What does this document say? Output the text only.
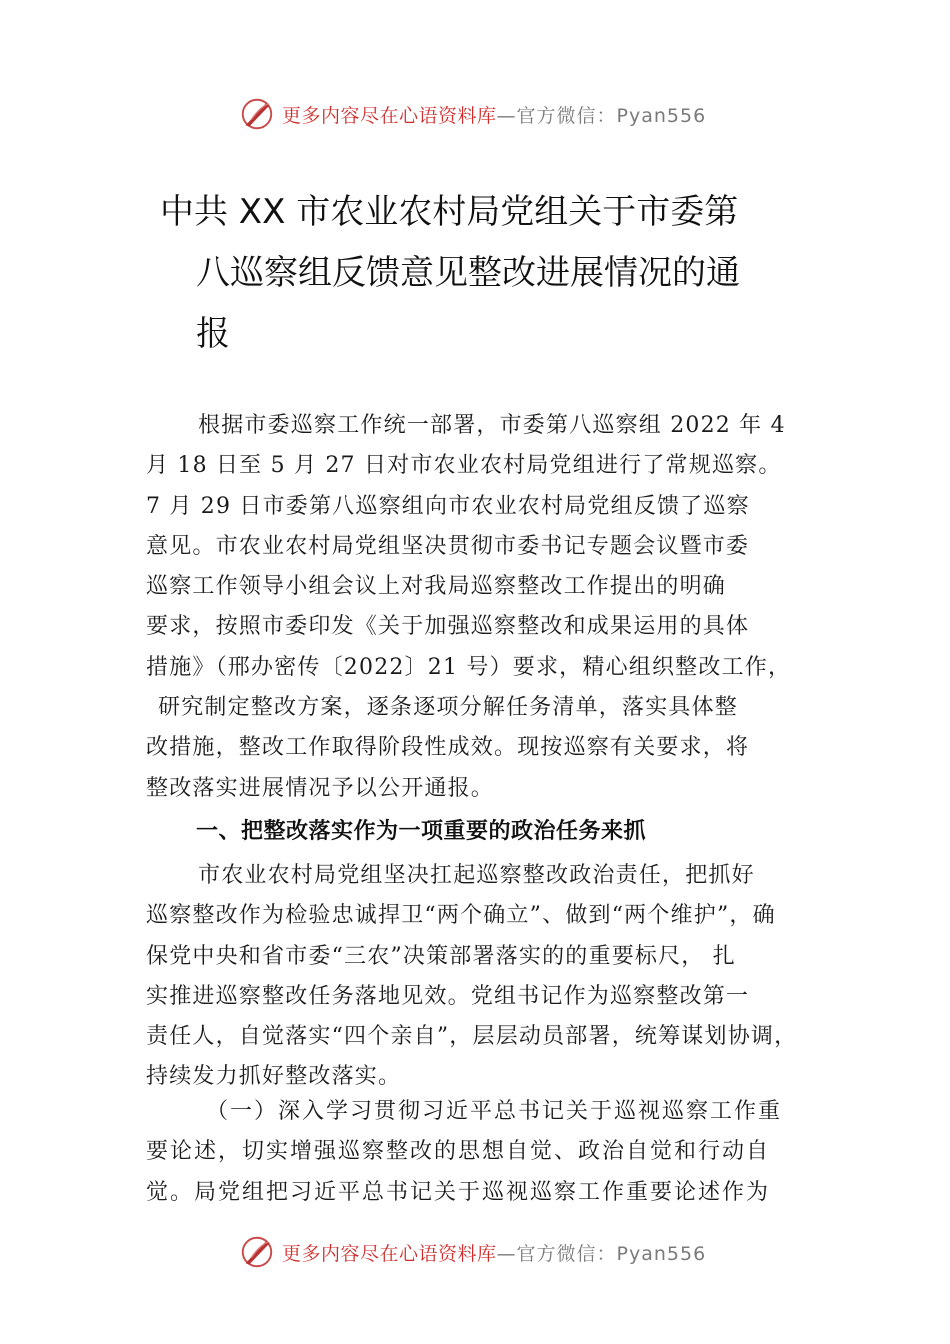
更多内容尽在心语资料库 —官方微信：Pyan556
中共 XX 市农业农村局党组关于市委第
八巡察组反馈意见整改进展情况的通
报
根据市委巡察工作统一部署，市委第八巡察组 2022 年 4
月 18 日至 5 月 27 日对市农业农村局党组进行了常规巡察。
7 月 29 日市委第八巡察组向市农业农村局党组反馈了巡察
意见。市农业农村局党组坚决贯彻市委书记专题会议暨市委
巡察工作领导小组会议上对我局巡察整改工作提出的明确
要求，按照市委印发《关于加强巡察整改和成果运用的具体
措施》（邢办密传〔2022〕21 号）要求，精心组织整改工作，
研究制定整改方案，逐条逐项分解任务清单，落实具体整
改措施，整改工作取得阶段性成效。现按巡察有关要求，将
整改落实进展情况予以公开通报。
一、把整改落实作为一项重要的政治任务来抓
市农业农村局党组坚决扛起巡察整改政治责任，把抓好
巡察整改作为检验忠诚捍卫“两个确立”、做到“两个维护”，确
保党中央和省市委“三农”决策部署落实的的重要标尺， 扎
实推进巡察整改任务落地见效。党组书记作为巡察整改第一
责任人，自觉落实“四个亲自”，层层动员部署，统筹谋划协调，
持续发力抓好整改落实。
（一）深入学习贯彻习近平总书记关于巡视巡察工作重
要论述，切实增强巡察整改的思想自觉、政治自觉和行动自
觉。局党组把习近平总书记关于巡视巡察工作重要论述作为
更多内容尽在心语资料库 —官方微信：Pyan556
